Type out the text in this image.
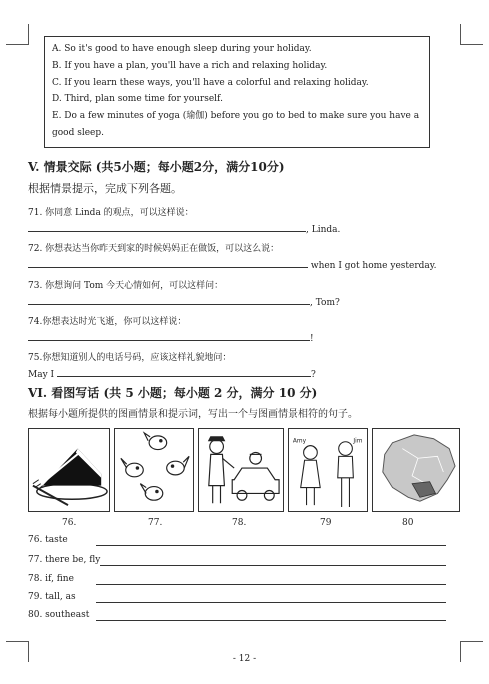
A. So it's good to have enough sleep during your holiday.

B. If you have a plan, you'll have a rich and relaxing holiday.

C. If you learn these ways, you'll have a colorful and relaxing holiday.

D. Third, plan some time for yourself.

E. Do a few minutes of yoga (瑜伽) before you go to bed to make sure you have a

good sleep.

V. 情景交际 (共5小题；每小题2分，满分10分)
根据情景提示，完成下列各题。
71. 你同意 Linda 的观点，可以这样说：
, Linda.
72. 你想表达当你昨天到家的时候妈妈正在做饭，可以这么说：
when I got home yesterday.
73. 你想询问 Tom 今天心情如何，可以这样问：
, Tom?
74.你想表达时光飞逝，你可以这样说：
!
75.你想知道别人的电话号码，应该这样礼貌地问：
May I	?
VI. 看图写话 (共 5 小题；每小题 2 分，满分 10 分)
根据每小题所提供的图画情景和提示词，写出一个与图画情景相符的句子。
Amy	Jim
76.	77.	78.	79	80
76. taste
77. there be, fly
78. if, fine
79. tall, as
80. southeast
- 12 -
